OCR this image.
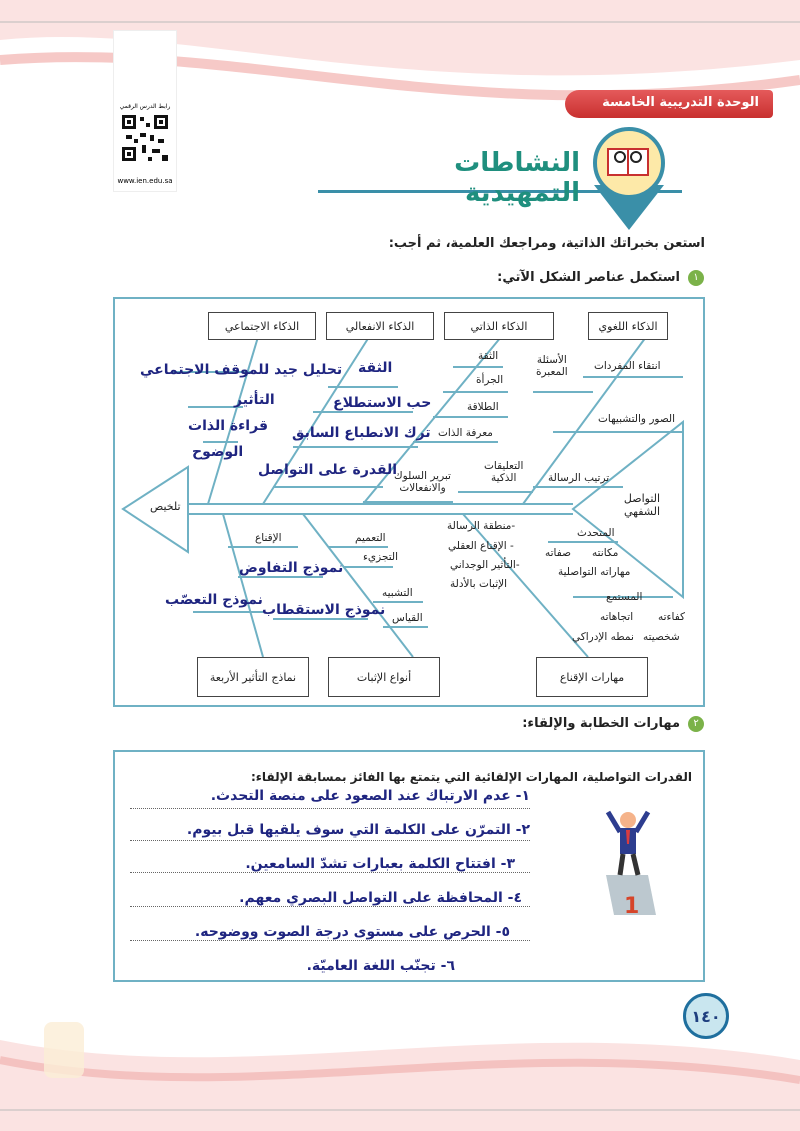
رابط الدرس الرقمي
www.ien.edu.sa
الوحدة التدريبية الخامسة
النشاطات التمهيدية
استعن بخبراتك الذاتية، ومراجعك العلمية، ثم أجب:
١
استكمل عناصر الشكل الآتي:
الذكاء اللغوي
الذكاء الذاتي
الذكاء الانفعالي
الذكاء الاجتماعي
مهارات الإقناع
أنواع الإثبات
نماذج التأثير الأربعة
التواصل
الشفهي
تلخيص
انتقاء المفردات
الأسئلة
المعبرة
الصور والتشبيهات
ترتيب الرسالة
التعليقات
الذكية
الثقة
الجرأة
الطلاقة
معرفة الذات
تبرير السلوك
والانفعالات
الثقة
حب الاستطلاع
ترك الانطباع السابق
القدرة على التواصل
تحليل جيد للموقف الاجتماعي
التأثير
قراءة الذات
الوضوح
المتحدث
مكانته
صفاته
مهاراته التواصلية
المستمع
كفاءته
اتجاهاته
شخصيته
نمطه الإدراكي
منطقة الرسالة-
الإقناع العقلي -
التأثير الوجداني-
الإثبات بالأدلة
التعميم
التجزيء
التشبيه
القياس
الإقناع
نموذج التفاوض
نموذج التعصّب
نموذج الاستقطاب
٢
مهارات الخطابة والإلقاء:
القدرات التواصلية، المهارات الإلقائية التي يتمتع بها الفائز بمسابقة الإلقاء:
١- عدم الارتباك عند الصعود على منصة التحدث.
٢- التمرّن على الكلمة التي سوف يلقيها قبل بيوم.
٣- افتتاح الكلمة بعبارات تشدّ السامعين.
٤- المحافظة على التواصل البصري معهم.
٥- الحرص على مستوى درجة الصوت ووضوحه.
٦- تجنّب اللغة العاميّة.
1
١٤٠
